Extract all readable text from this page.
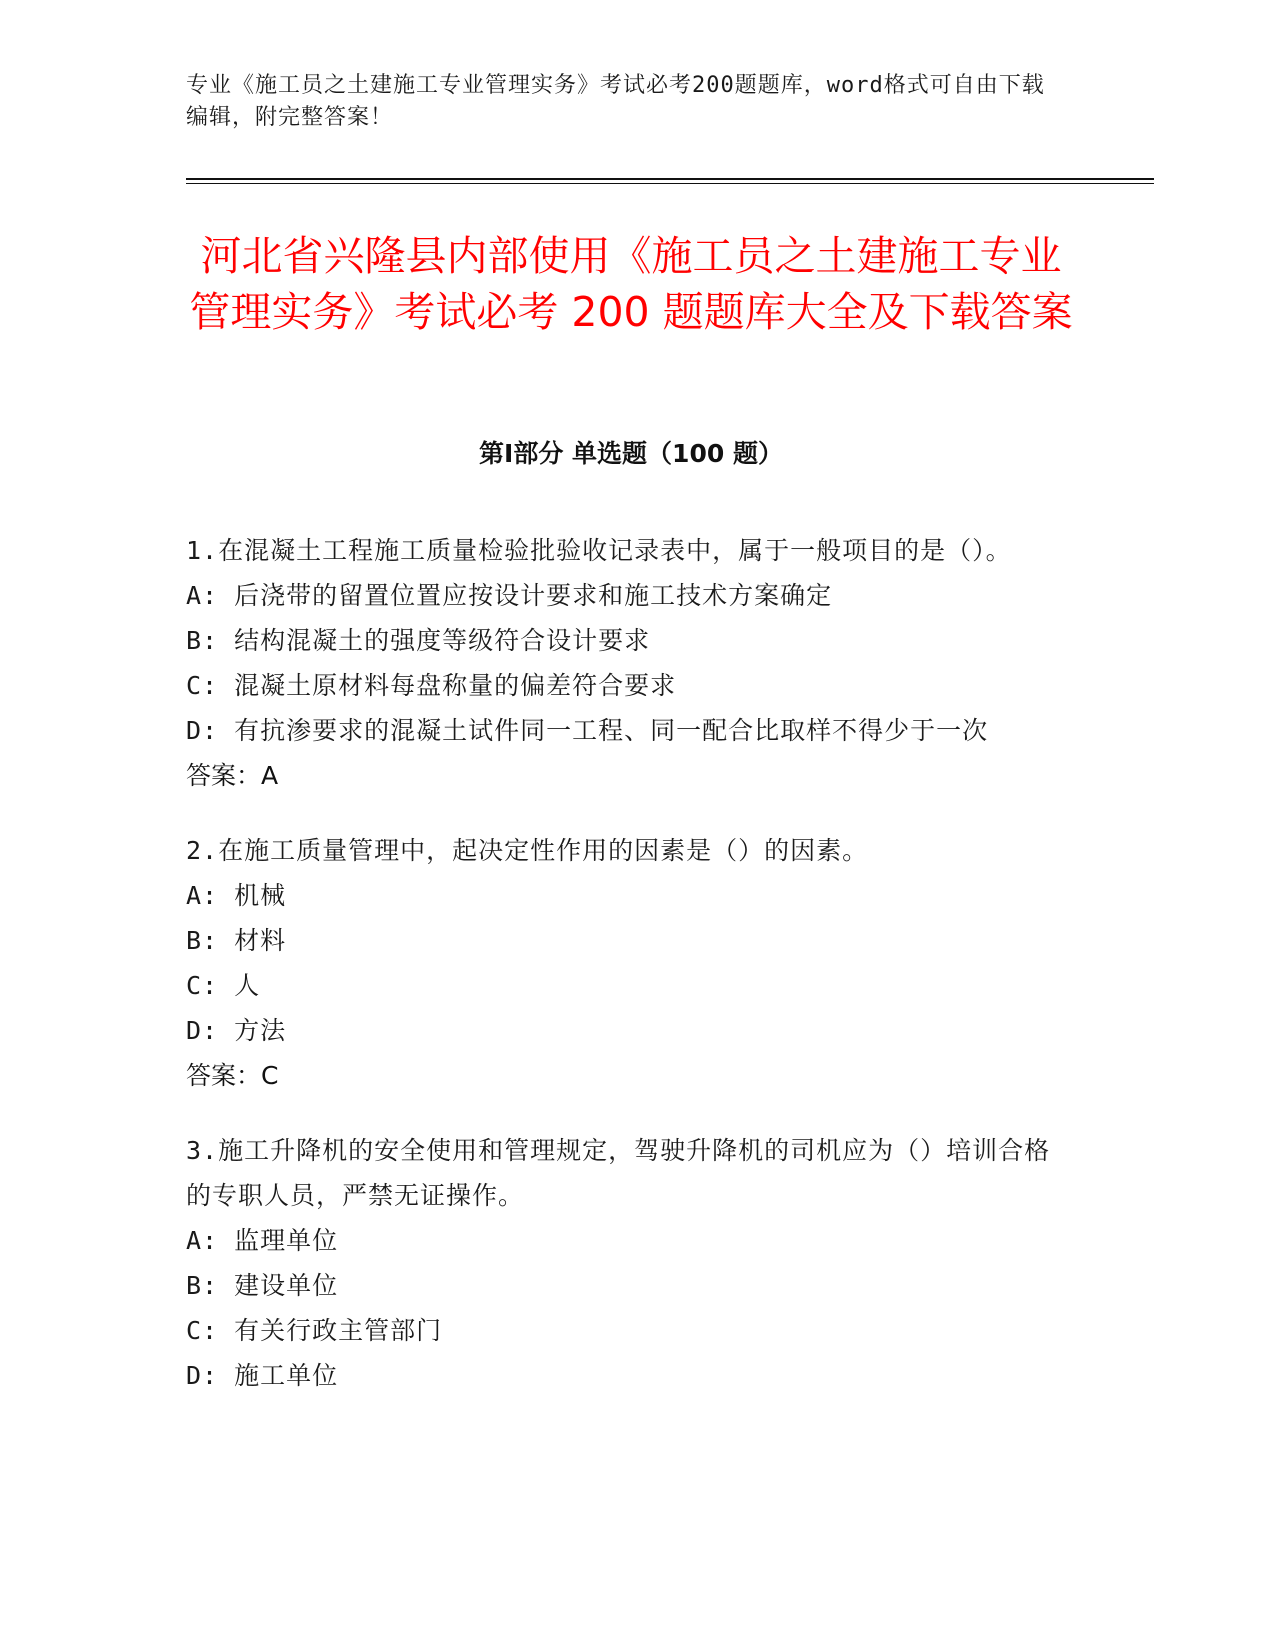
专业《施工员之土建施工专业管理实务》考试必考200题题库，word格式可自由下载编辑，附完整答案！
河北省兴隆县内部使用《施工员之土建施工专业管理实务》考试必考 200 题题库大全及下载答案
第Ⅰ部分 单选题（100 题）

1.在混凝土工程施工质量检验批验收记录表中，属于一般项目的是（）。

A: 后浇带的留置位置应按设计要求和施工技术方案确定

B: 结构混凝土的强度等级符合设计要求

C: 混凝土原材料每盘称量的偏差符合要求

D: 有抗渗要求的混凝土试件同一工程、同一配合比取样不得少于一次

答案：A

2.在施工质量管理中，起决定性作用的因素是（）的因素。

A: 机械

B: 材料

C: 人

D: 方法

答案：C

3.施工升降机的安全使用和管理规定，驾驶升降机的司机应为（）培训合格的专职人员，严禁无证操作。

A: 监理单位

B: 建设单位

C: 有关行政主管部门

D: 施工单位
